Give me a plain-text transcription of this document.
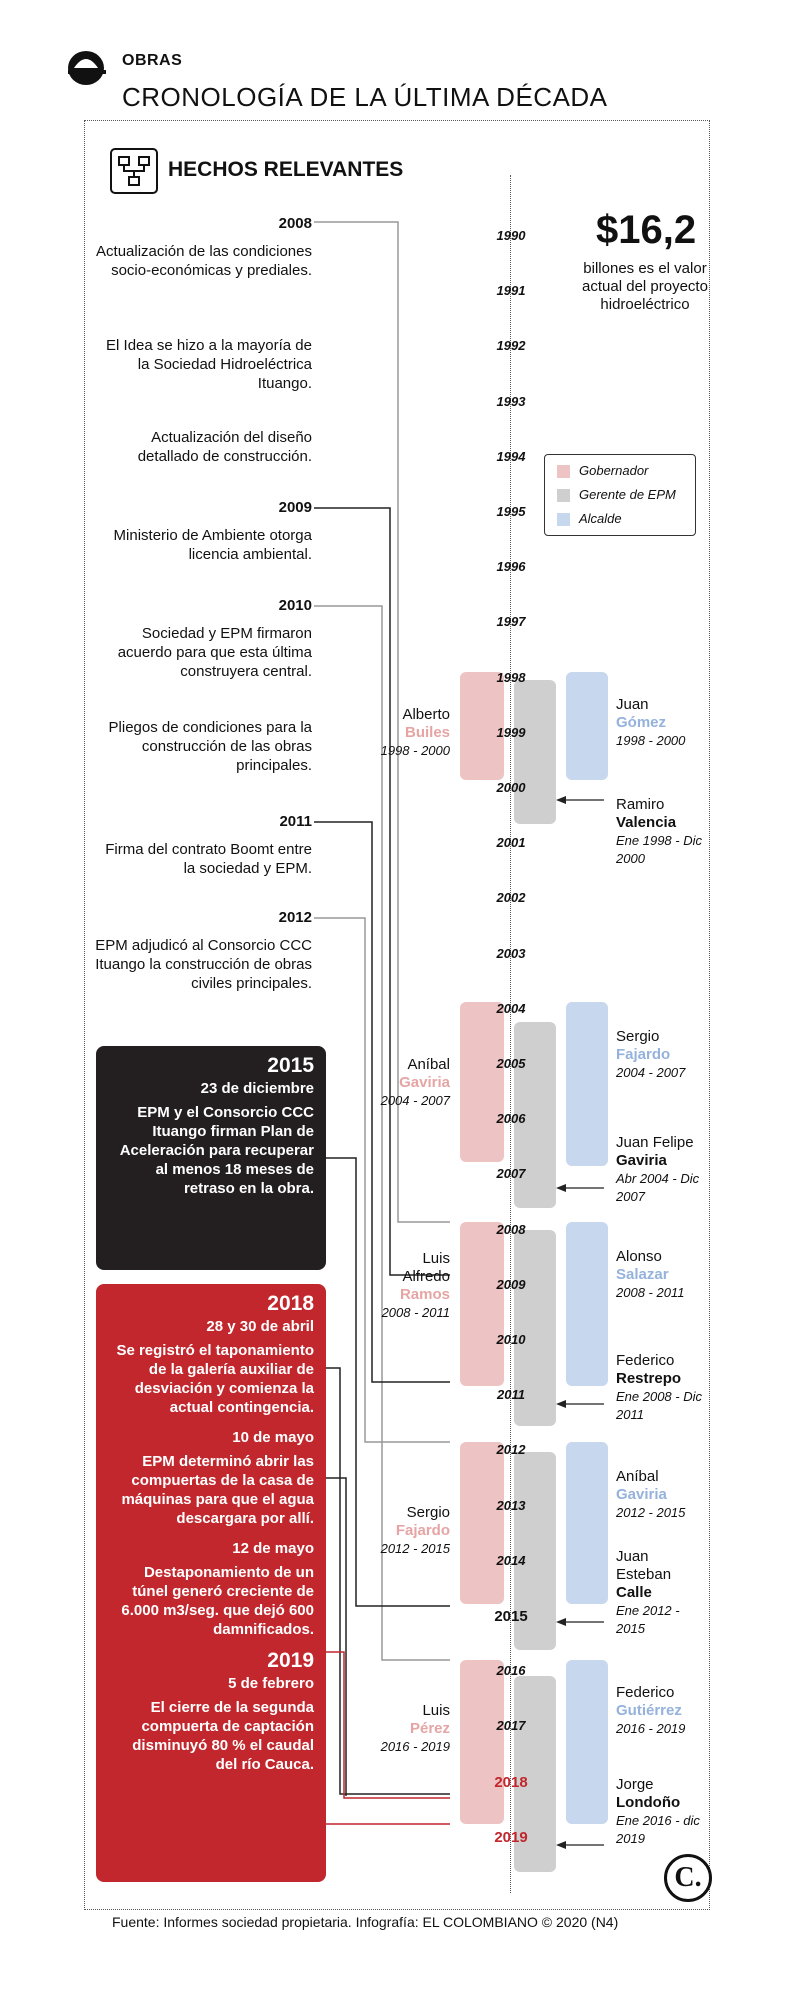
OBRAS
CRONOLOGÍA DE LA ÚLTIMA DÉCADA
HECHOS RELEVANTES
$16,2
billones es el valor actual del proyecto hidroeléctrico
2008
Actualización de las condiciones socio-económicas y prediales.
El Idea se hizo a la mayoría de la Sociedad Hidroeléctrica Ituango.
Actualización del diseño detallado de construcción.
2009
Ministerio de Ambiente otorga licencia ambiental.
2010
Sociedad y EPM firmaron acuerdo para que esta última construyera central.
Pliegos de condiciones para la construcción de las obras principales.
2011
Firma del contrato Boomt entre la sociedad y EPM.
2012
EPM adjudicó al Consorcio CCC Ituango la construcción de obras civiles principales.
2015
23 de diciembre
EPM y el Consorcio CCC Ituango firman Plan de Aceleración para recuperar al menos 18 meses de retraso en la obra.
2018
28 y 30 de abril
Se registró el taponamiento de la galería auxiliar de desviación y comienza la actual contingencia.
10 de mayo
EPM determinó abrir las compuertas de la casa de máquinas para que el agua descargara por allí.
12 de mayo
Destaponamiento de un túnel generó creciente de 6.000 m3/seg. que dejó 600 damnificados.
2019
5 de febrero
El cierre de la segunda compuerta de captación disminuyó 80 % el caudal del río Cauca.
1990
1991
1992
1993
1994
1995
1996
1997
1998
1999
2000
2001
2002
2003
2004
2005
2006
2007
2008
2009
2010
2011
2012
2013
2014
2015
2016
2017
2018
2019
Alberto
Builes
1998 - 2000
Aníbal
Gaviria
2004 - 2007
Luis Alfredo
Ramos
2008 - 2011
Sergio
Fajardo
2012 - 2015
Luis
Pérez
2016 - 2019
Juan
Gómez
1998 - 2000
Sergio
Fajardo
2004 - 2007
Alonso
Salazar
2008 - 2011
Aníbal
Gaviria
2012 - 2015
Federico
Gutiérrez
2016 - 2019
Ramiro
Valencia
Ene 1998 - Dic 2000
Juan Felipe
Gaviria
Abr 2004 - Dic 2007
Federico
Restrepo
Ene 2008 - Dic 2011
Juan Esteban
Calle
Ene 2012 - 2015
Jorge
Londoño
Ene 2016 - dic 2019
Gobernador
Gerente de EPM
Alcalde
C.
Fuente: Informes sociedad propietaria. Infografía: EL COLOMBIANO © 2020 (N4)
